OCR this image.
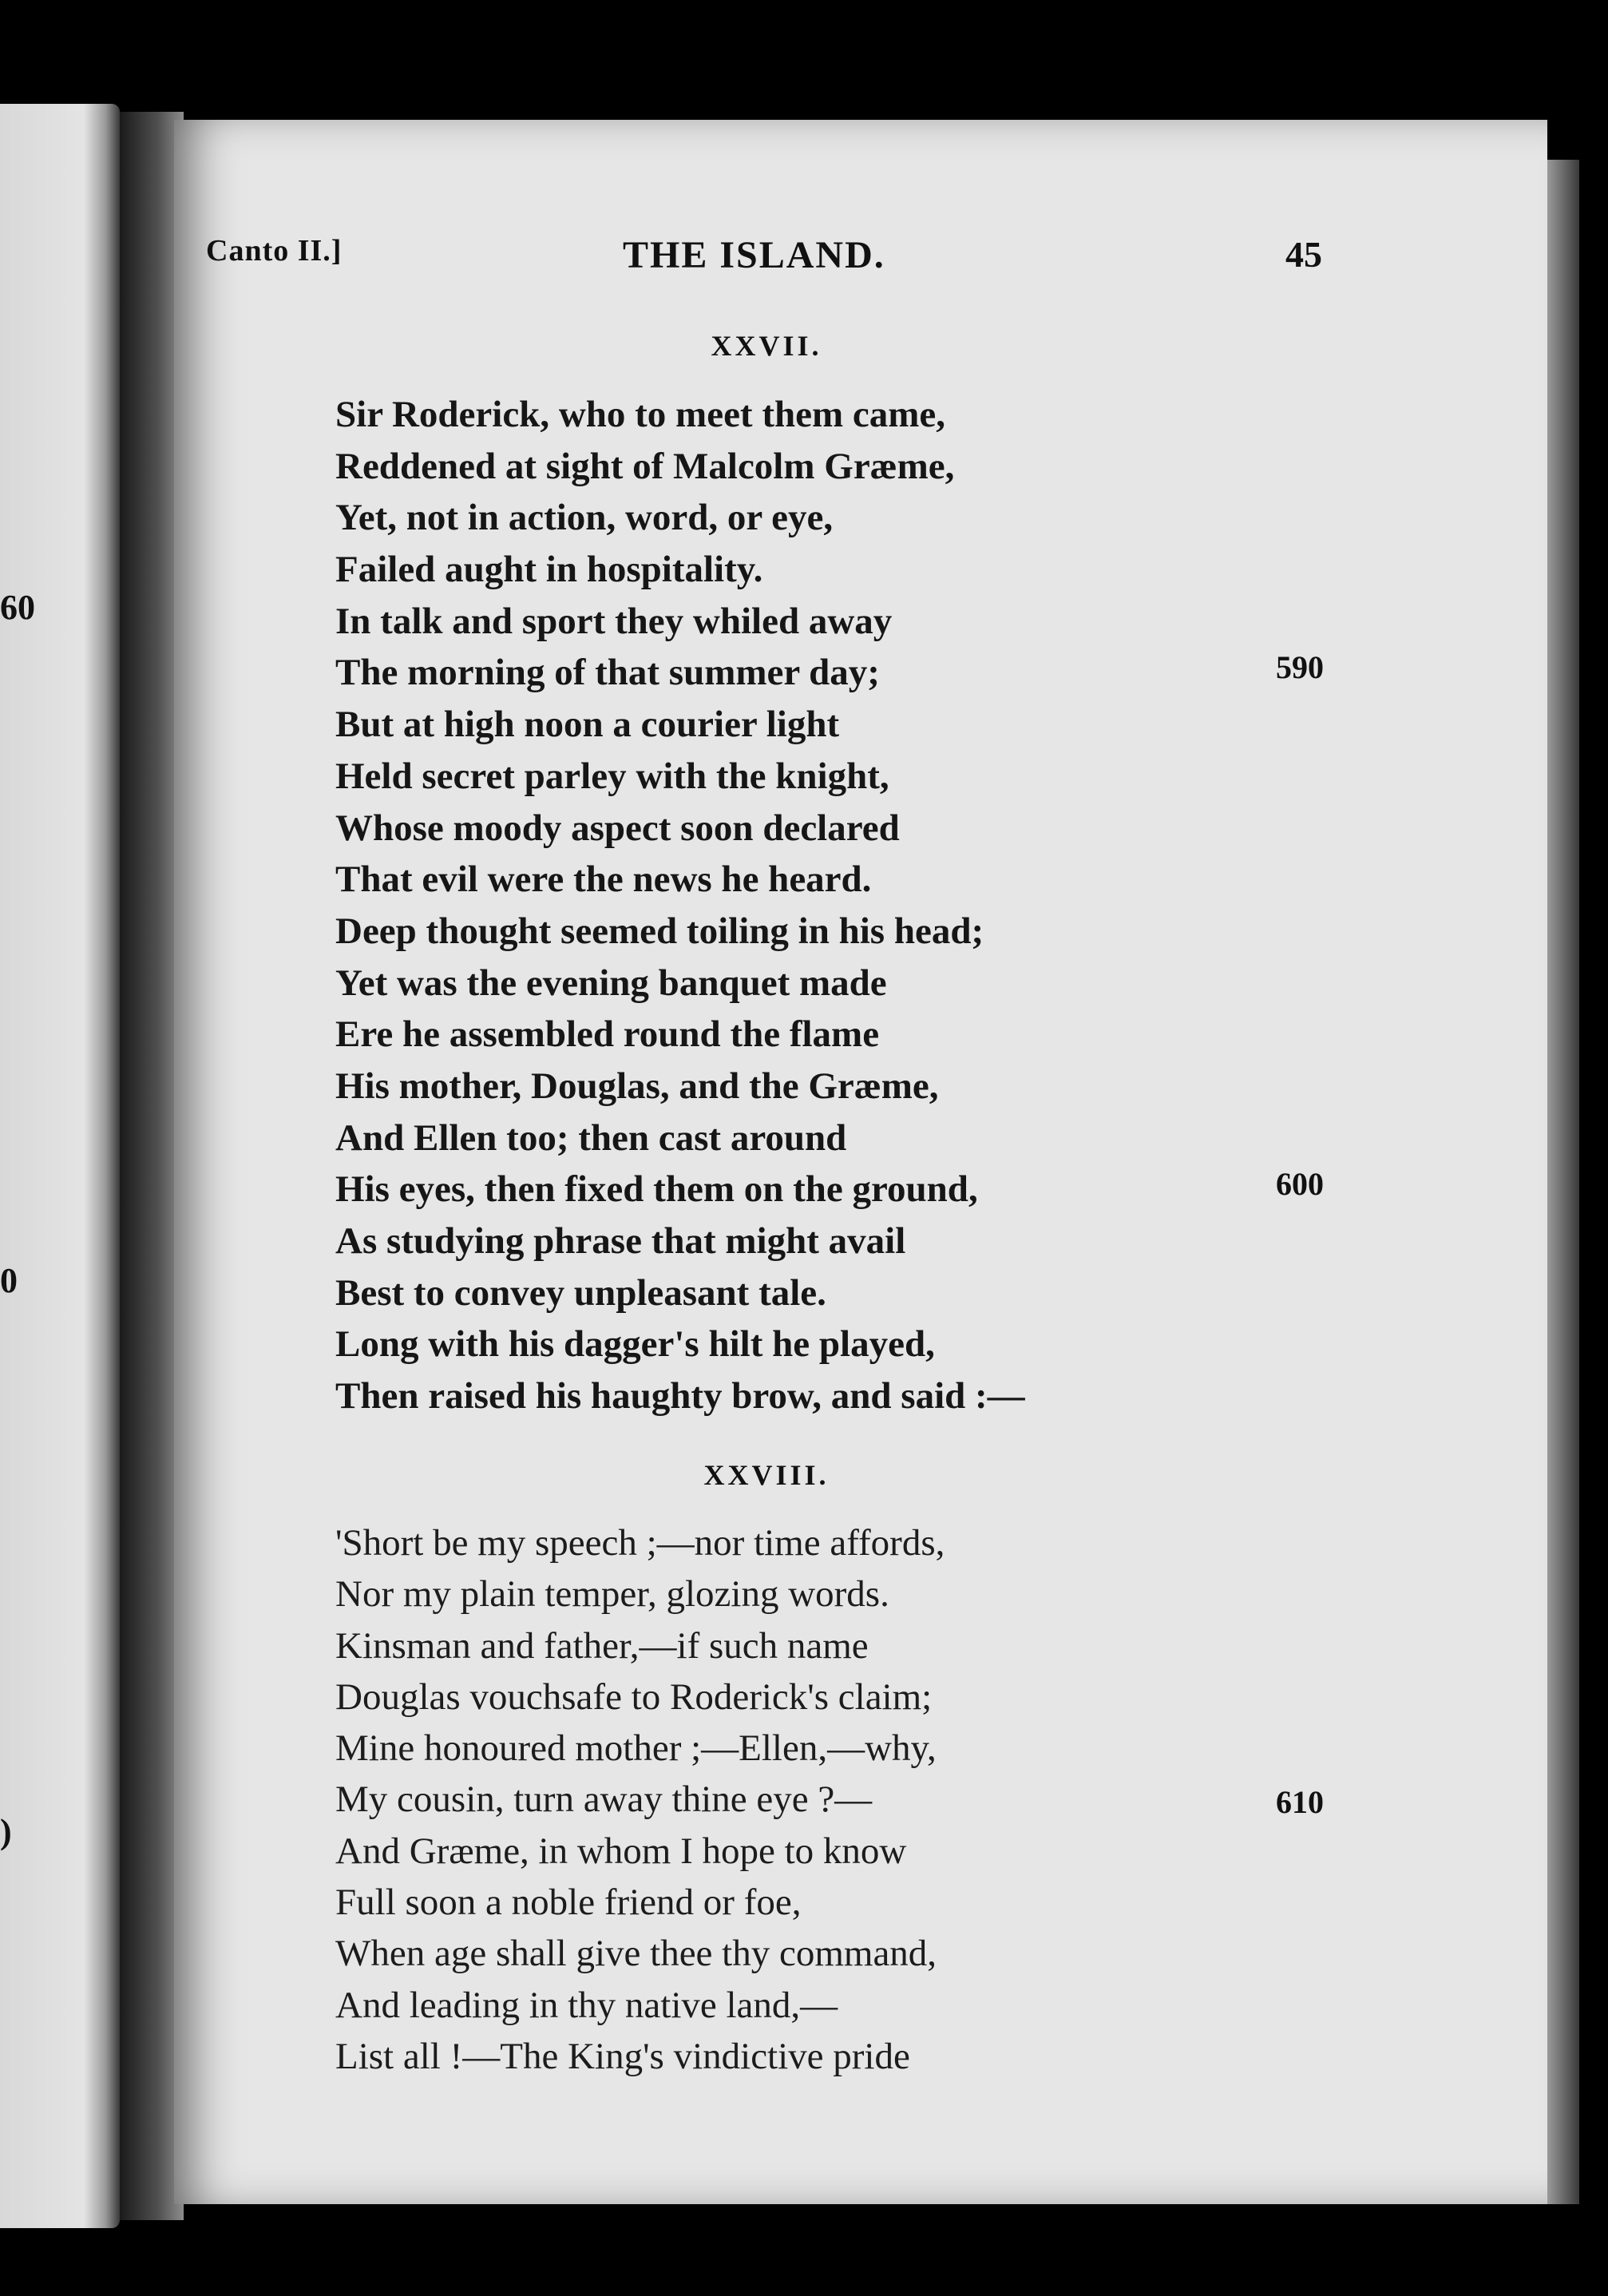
60
0
)
Canto II.]	THE ISLAND.	45
XXVII.
Sir Roderick, who to meet them came,
Reddened at sight of Malcolm Græme,
Yet, not in action, word, or eye,
Failed aught in hospitality.
In talk and sport they whiled away
The morning of that summer day;
But at high noon a courier light
Held secret parley with the knight,
Whose moody aspect soon declared
That evil were the news he heard.
Deep thought seemed toiling in his head;
Yet was the evening banquet made
Ere he assembled round the flame
His mother, Douglas, and the Græme,
And Ellen too; then cast around
His eyes, then fixed them on the ground,
As studying phrase that might avail
Best to convey unpleasant tale.
Long with his dagger's hilt he played,
Then raised his haughty brow, and said :—
XXVIII.
'Short be my speech ;—nor time affords,
Nor my plain temper, glozing words.
Kinsman and father,—if such name
Douglas vouchsafe to Roderick's claim;
Mine honoured mother ;—Ellen,—why,
My cousin, turn away thine eye ?—
And Græme, in whom I hope to know
Full soon a noble friend or foe,
When age shall give thee thy command,
And leading in thy native land,—
List all !—The King's vindictive pride
590
600
610
